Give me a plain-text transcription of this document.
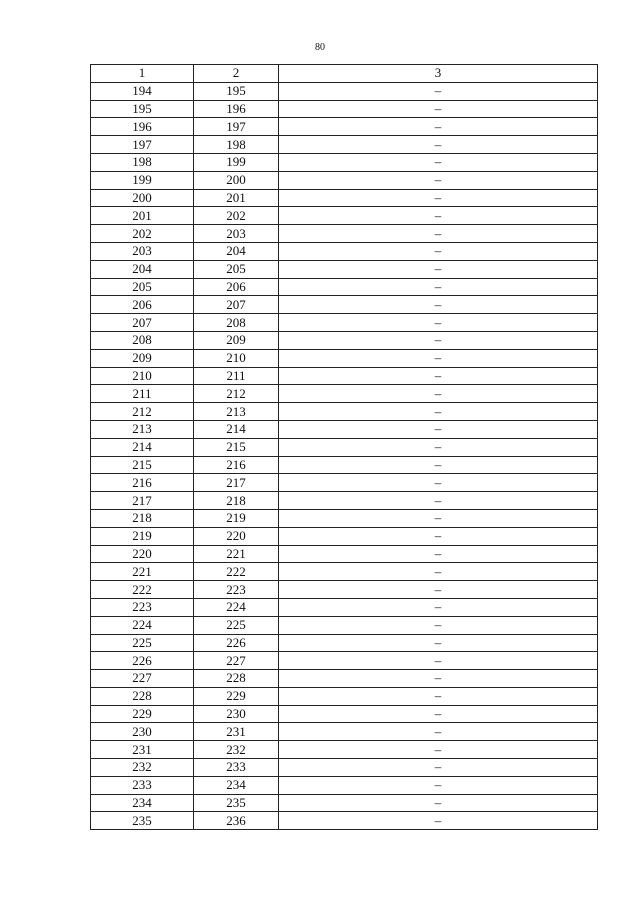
80
1	2	3
194	195	–
195	196	–
196	197	–
197	198	–
198	199	–
199	200	–
200	201	–
201	202	–
202	203	–
203	204	–
204	205	–
205	206	–
206	207	–
207	208	–
208	209	–
209	210	–
210	211	–
211	212	–
212	213	–
213	214	–
214	215	–
215	216	–
216	217	–
217	218	–
218	219	–
219	220	–
220	221	–
221	222	–
222	223	–
223	224	–
224	225	–
225	226	–
226	227	–
227	228	–
228	229	–
229	230	–
230	231	–
231	232	–
232	233	–
233	234	–
234	235	–
235	236	–
